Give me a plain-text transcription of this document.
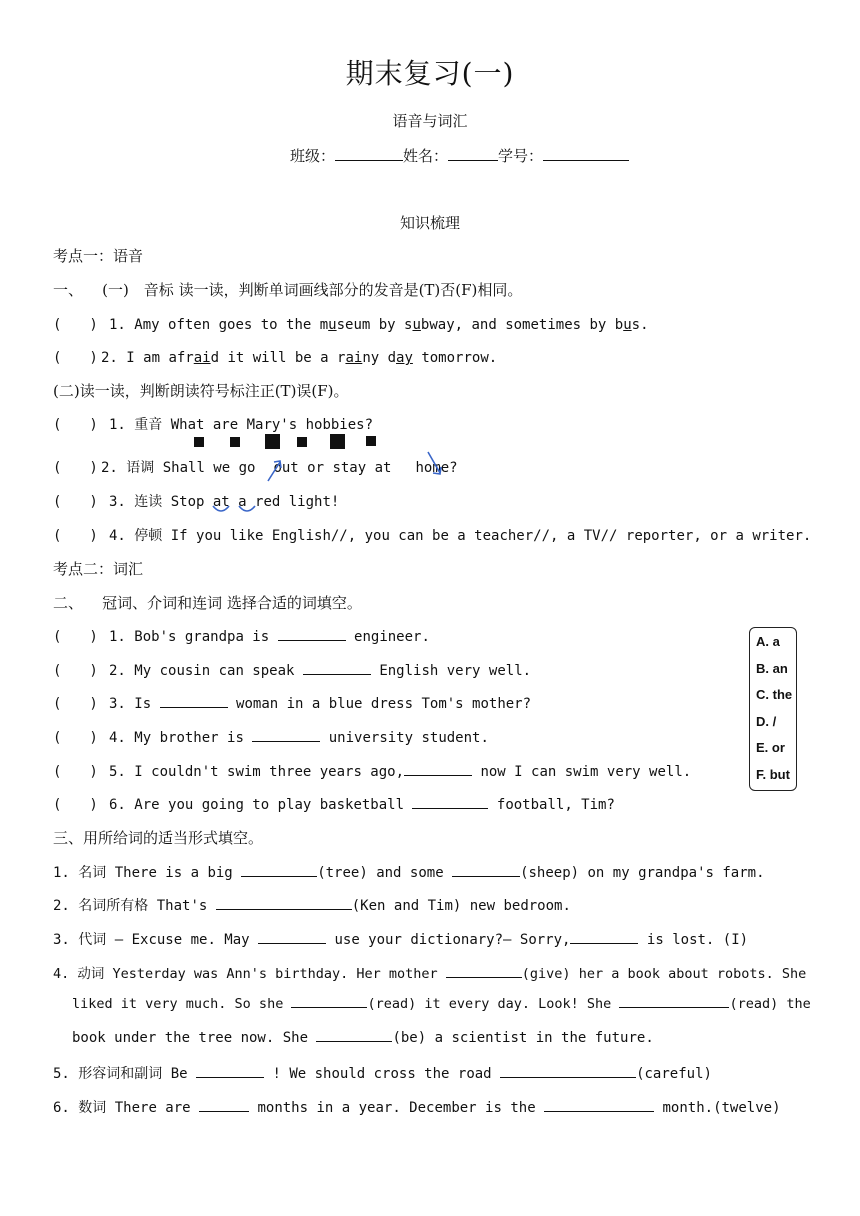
期末复习(一)
语音与词汇
班级：	姓名：	学号：
知识梳理
考点一：语音
一、 (一)　音标 读一读，判断单词画线部分的发音是(T)否(F)相同。
(　　) 1. Amy often goes to the museum by subway, and sometimes by bus.
(　　) 2. I am afraid it will be a rainy day tomorrow.
(二)读一读，判断朗读符号标注正(T)误(F)。
(　　) 1. 重音 What are Mary's hobbies?
(　　) 2. 语调 Shall we go out or stay at home?
(　　) 3. 连读 Stop at a red light!
(　　) 4. 停顿 If you like English//, you can be a teacher//, a TV// reporter, or a writer.
考点二：词汇
二、 冠词、介词和连词 选择合适的词填空。
(　　) 1. Bob's grandpa is	engineer.
(　　) 2. My cousin can speak	English very well.
(　　) 3. Is	woman in a blue dress Tom's mother?
(　　) 4. My brother is	university student.
(　　) 5. I couldn't swim three years ago,	now I can swim very well.
(　　) 6. Are you going to play basketball	football, Tim?
A. a
B. an
C. the
D. /
E. or
F. but
三、用所给词的适当形式填空。
1. 名词 There is a big	(tree) and some	(sheep) on my grandpa's farm.
2. 名词所有格 That's	(Ken and Tim) new bedroom.
3. 代词 — Excuse me. May	use your dictionary?— Sorry,	is lost. (I)
4. 动词 Yesterday was Ann's birthday. Her mother	(give) her a book about robots. She
liked it very much. So she	(read) it every day. Look! She	(read) the
book under the tree now. She	(be) a scientist in the future.
5. 形容词和副词 Be	! We should cross the road	(careful)
6. 数词 There are	months in a year. December is the	month.(twelve)
